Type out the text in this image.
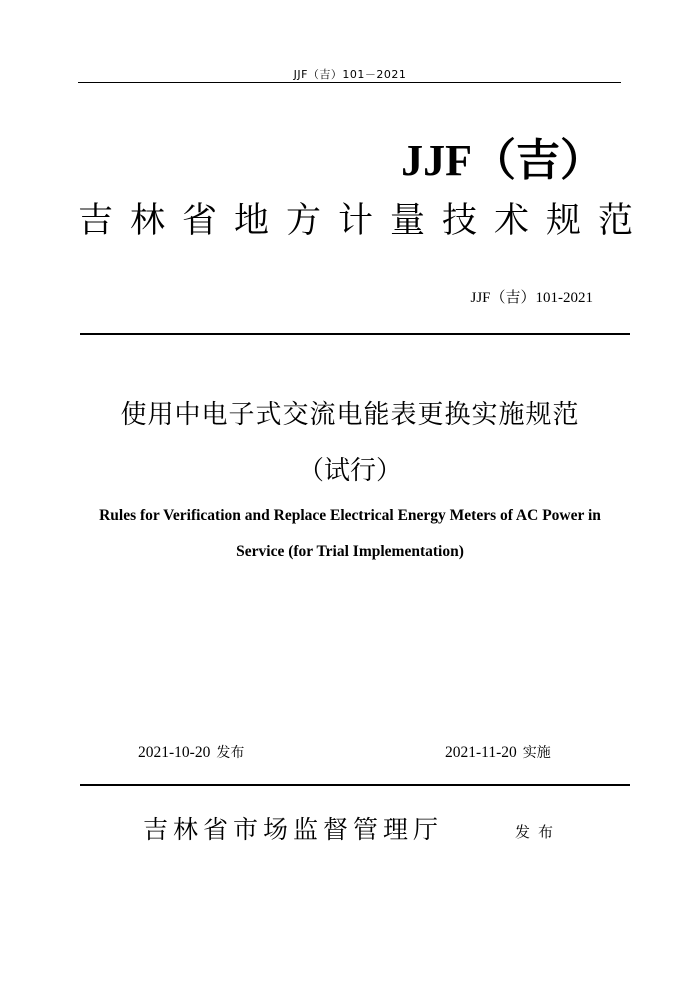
JJF（吉）101－2021
JJF（吉）
吉林省地方计量技术规范
JJF（吉）101-2021
使用中电子式交流电能表更换实施规范
（试行）
Rules for Verification and Replace Electrical Energy Meters of AC Power in
Service (for Trial Implementation)
2021-10-20 发布	2021-11-20 实施
吉林省市场监督管理厅	发布
